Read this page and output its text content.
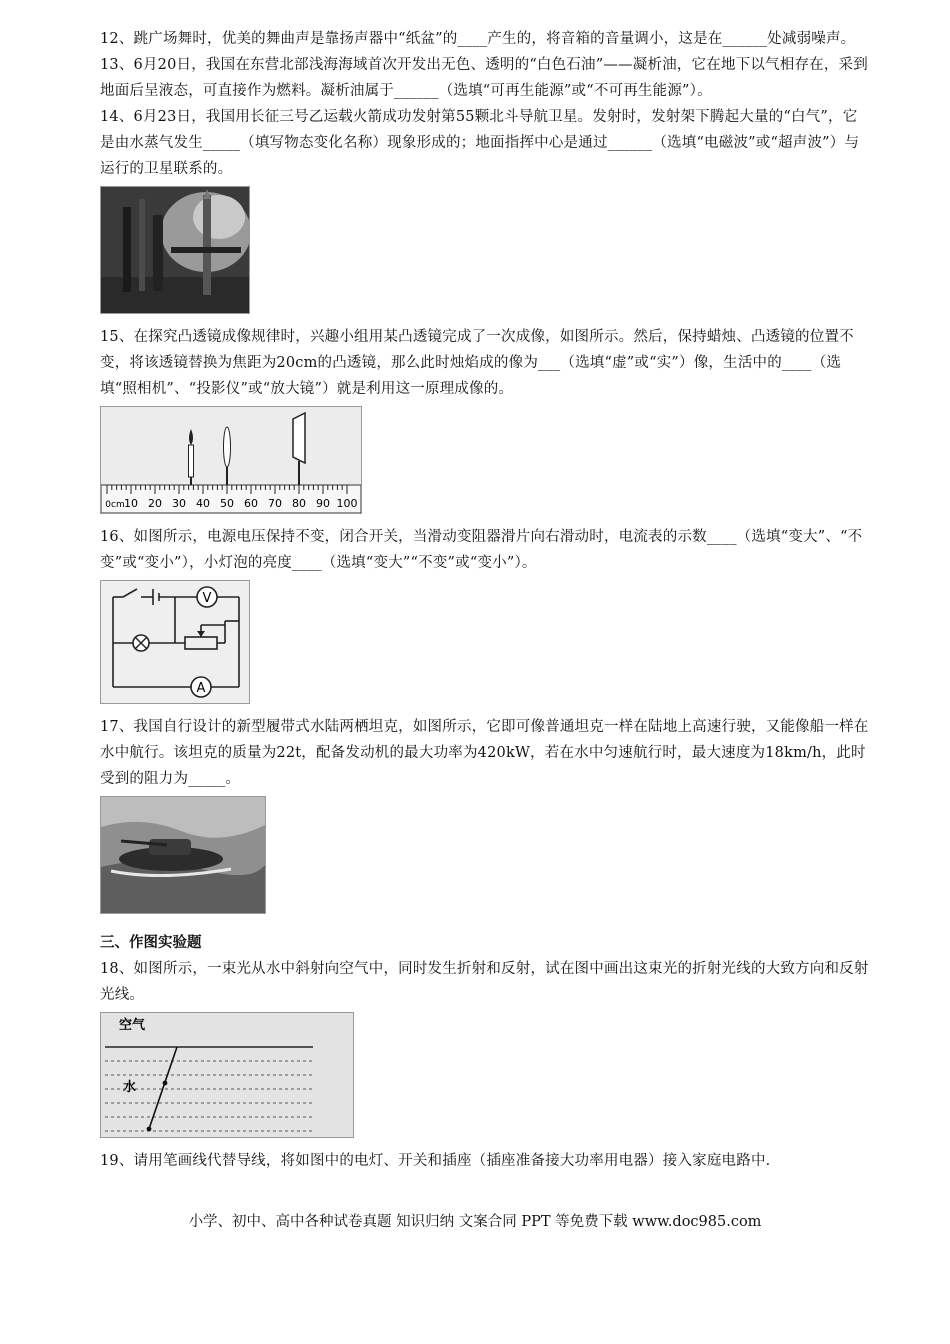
12、跳广场舞时，优美的舞曲声是靠扬声器中“纸盆”的____产生的，将音箱的音量调小，这是在______处减弱噪声。

13、6月20日，我国在东营北部浅海海域首次开发出无色、透明的“白色石油”——凝析油，它在地下以气相存在，采到地面后呈液态，可直接作为燃料。凝析油属于______（选填“可再生能源”或“不可再生能源”）。

14、6月23日，我国用长征三号乙运载火箭成功发射第55颗北斗导航卫星。发射时，发射架下腾起大量的“白气”，它是由水蒸气发生_____（填写物态变化名称）现象形成的；地面指挥中心是通过______（选填“电磁波”或“超声波”）与运行的卫星联系的。

15、在探究凸透镜成像规律时，兴趣小组用某凸透镜完成了一次成像，如图所示。然后，保持蜡烛、凸透镜的位置不变，将该透镜替换为焦距为20cm的凸透镜，那么此时烛焰成的像为___（选填“虚”或“实”）像，生活中的____（选填“照相机”、“投影仪”或“放大镜”）就是利用这一原理成像的。

0cm 10 20 30 40 50 60 70 80 90 100

16、如图所示，电源电压保持不变，闭合开关，当滑动变阻器滑片向右滑动时，电流表的示数____（选填“变大”、“不变”或“变小”），小灯泡的亮度____（选填“变大”“不变”或“变小”）。

V
A

17、我国自行设计的新型履带式水陆两栖坦克，如图所示，它即可像普通坦克一样在陆地上高速行驶，又能像船一样在水中航行。该坦克的质量为22t，配备发动机的最大功率为420kW，若在水中匀速航行时，最大速度为18km/h，此时受到的阻力为_____。

三、作图实验题

18、如图所示，一束光从水中斜射向空气中，同时发生折射和反射，试在图中画出这束光的折射光线的大致方向和反射光线。

空气
水

19、请用笔画线代替导线，将如图中的电灯、开关和插座（插座准备接大功率用电器）接入家庭电路中．

小学、初中、高中各种试卷真题 知识归纳 文案合同 PPT 等免费下载 www.doc985.com
